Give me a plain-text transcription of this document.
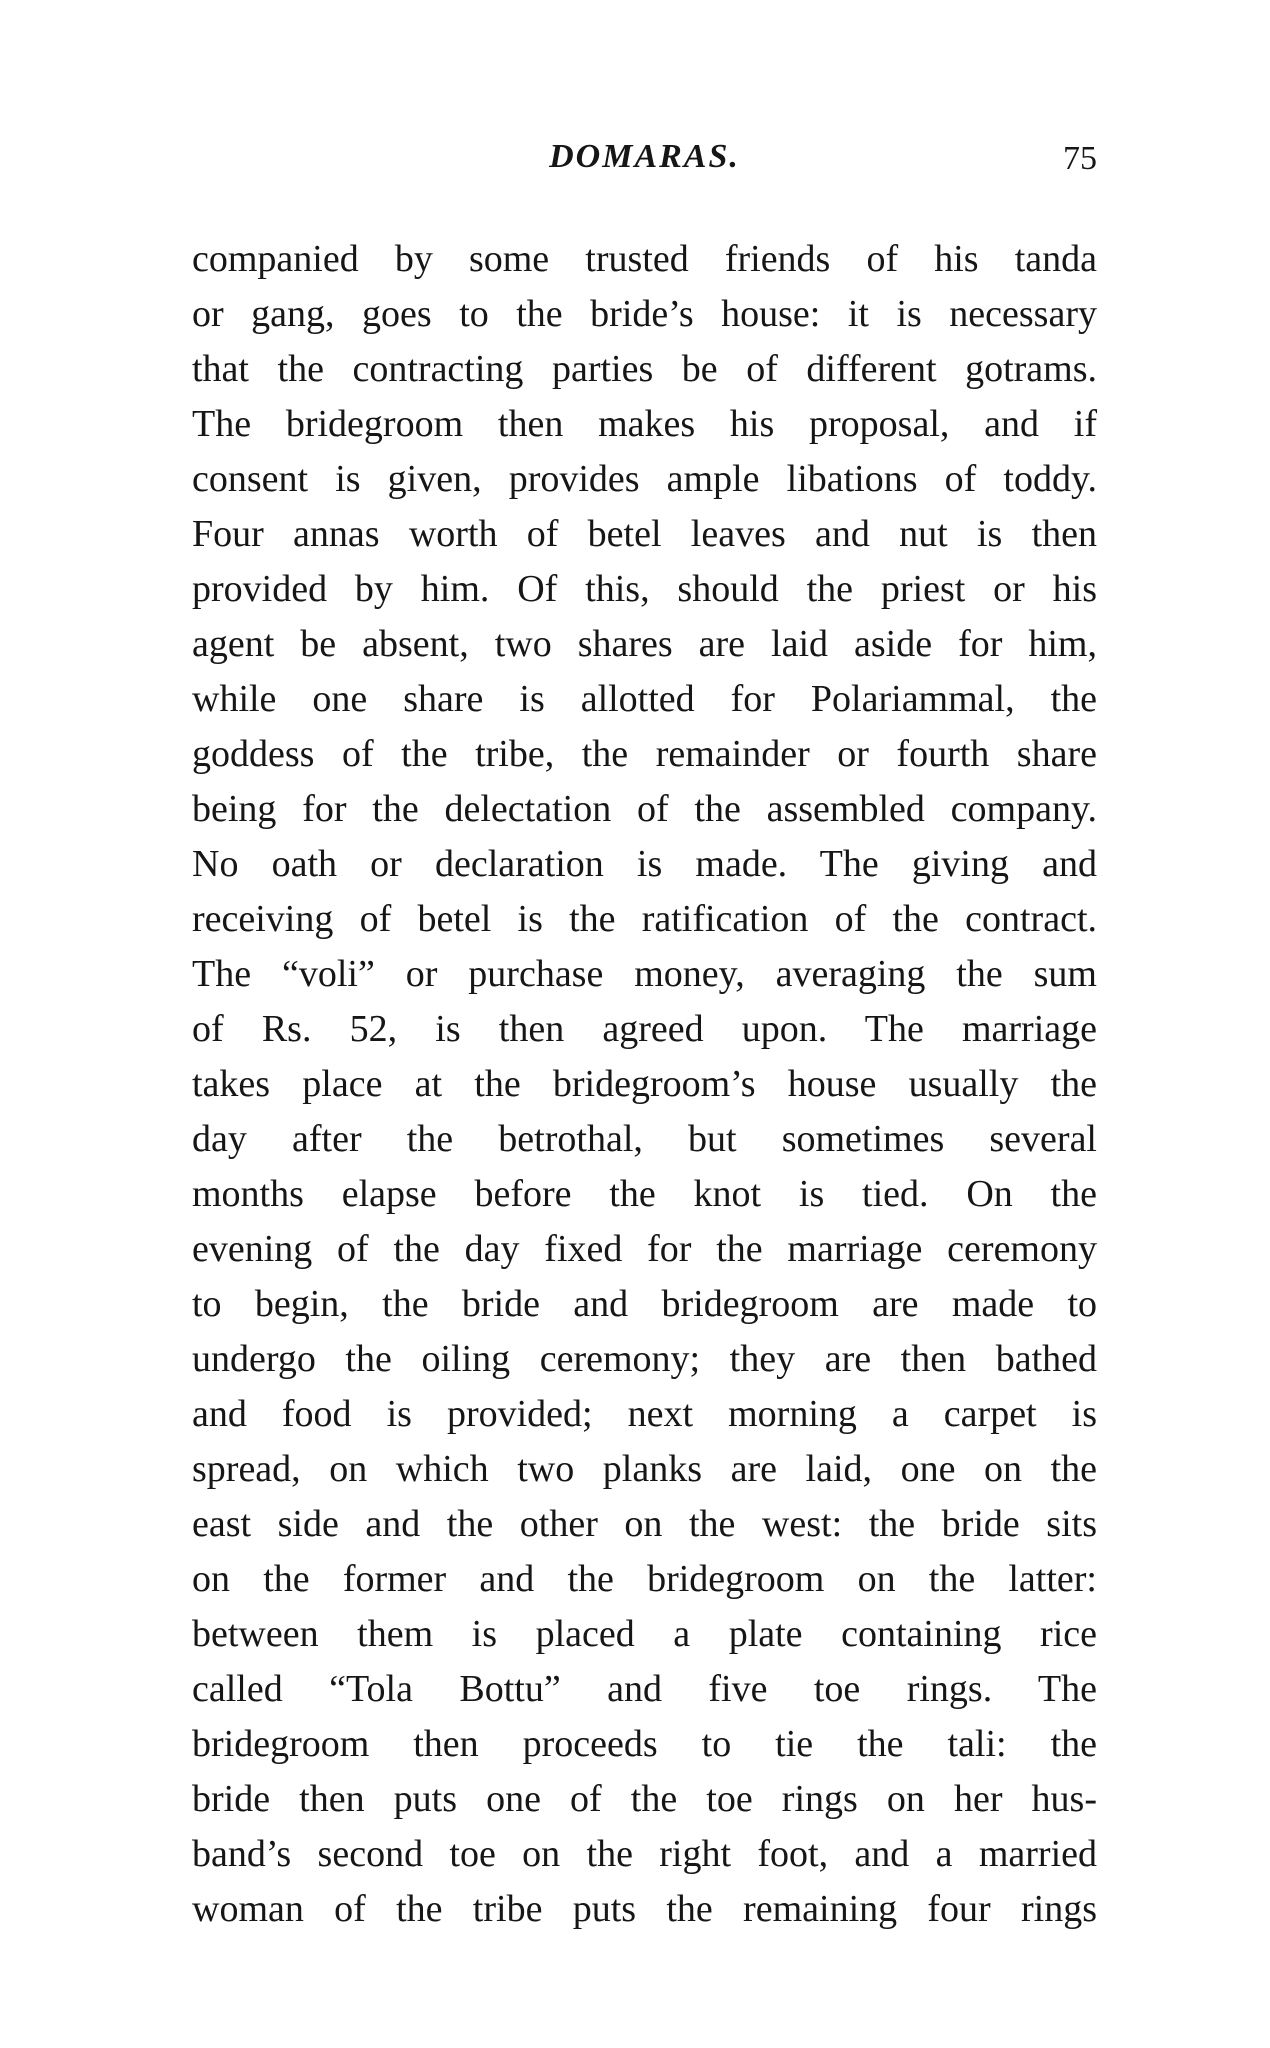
DOMARAS.	75
companied by some trusted friends of his tanda
or gang, goes to the bride’s house: it is necessary
that the contracting parties be of different gotrams.
The bridegroom then makes his proposal, and if
consent is given, provides ample libations of toddy.
Four annas worth of betel leaves and nut is then
provided by him. Of this, should the priest or his
agent be absent, two shares are laid aside for him,
while one share is allotted for Polariammal, the
goddess of the tribe, the remainder or fourth share
being for the delectation of the assembled company.
No oath or declaration is made. The giving and
receiving of betel is the ratification of the contract.
The “voli” or purchase money, averaging the sum
of Rs. 52, is then agreed upon. The marriage
takes place at the bridegroom’s house usually the
day after the betrothal, but sometimes several
months elapse before the knot is tied. On the
evening of the day fixed for the marriage ceremony
to begin, the bride and bridegroom are made to
undergo the oiling ceremony; they are then bathed
and food is provided; next morning a carpet is
spread, on which two planks are laid, one on the
east side and the other on the west: the bride sits
on the former and the bridegroom on the latter:
between them is placed a plate containing rice
called “Tola Bottu” and five toe rings. The
bridegroom then proceeds to tie the tali: the
bride then puts one of the toe rings on her hus-
band’s second toe on the right foot, and a married
woman of the tribe puts the remaining four rings
